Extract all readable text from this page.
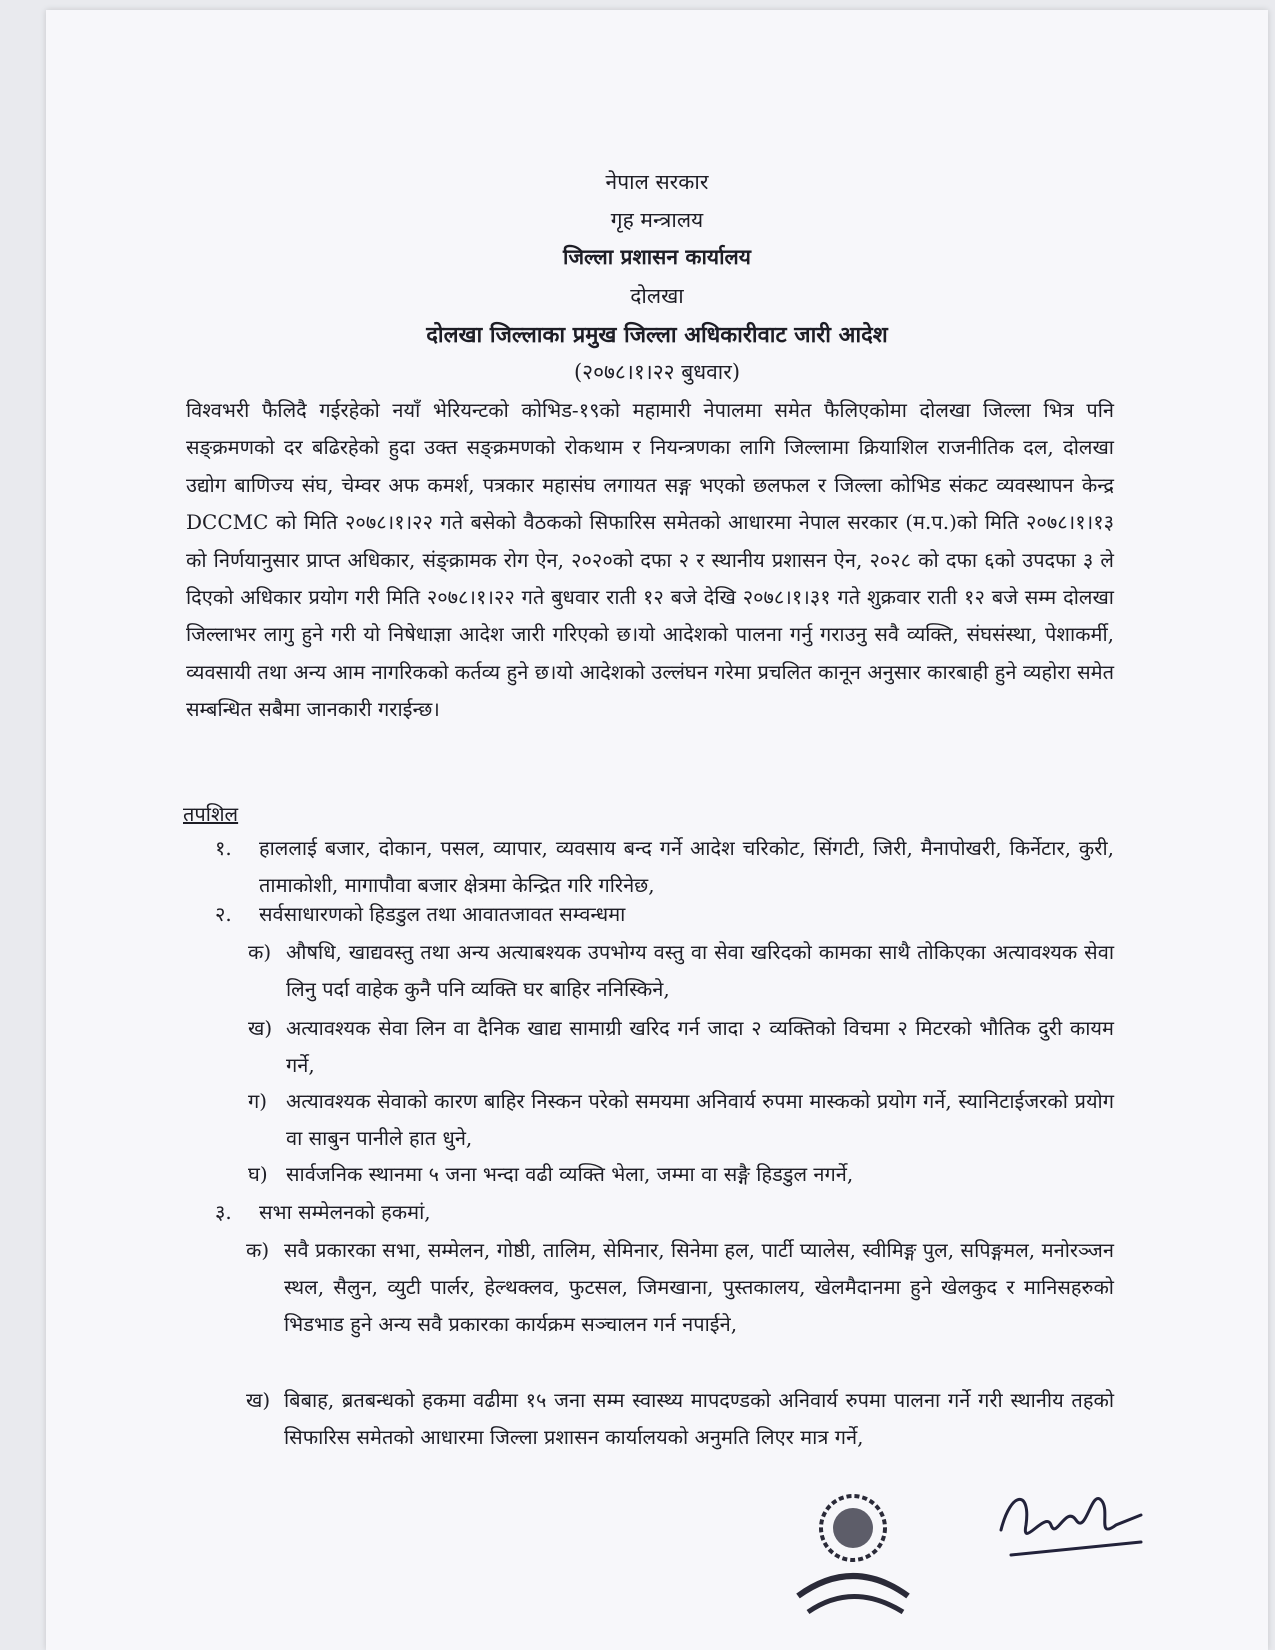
नेपाल सरकार
गृह मन्त्रालय
जिल्ला प्रशासन कार्यालय
दोलखा
दोलखा जिल्लाका प्रमुख जिल्ला अधिकारीवाट जारी आदेश
(२०७८।१।२२ बुधवार)
विश्वभरी फैलिदै गईरहेको नयाँ भेरियन्टको कोभिड-१९को महामारी नेपालमा समेत फैलिएकोमा दोलखा जिल्ला भित्र पनि सङ्क्रमणको दर बढिरहेको हुदा उक्त सङ्क्रमणको रोकथाम र नियन्त्रणका लागि जिल्लामा क्रियाशिल राजनीतिक दल, दोलखा उद्योग बाणिज्य संघ, चेम्वर अफ कमर्श, पत्रकार महासंघ लगायत सङ्ग भएको छलफल र जिल्ला कोभिड संकट व्यवस्थापन केन्द्र DCCMC को मिति २०७८।१।२२ गते बसेको वैठकको सिफारिस समेतको आधारमा नेपाल सरकार (म.प.)को मिति २०७८।१।१३ को निर्णयानुसार प्राप्त अधिकार, संङ्क्रामक रोग ऐन, २०२०को दफा २ र स्थानीय प्रशासन ऐन, २०२८ को दफा ६को उपदफा ३ ले दिएको अधिकार प्रयोग गरी मिति २०७८।१।२२ गते बुधवार राती १२ बजे देखि २०७८।१।३१ गते शुक्रवार राती १२ बजे सम्म दोलखा जिल्लाभर लागु हुने गरी यो निषेधाज्ञा आदेश जारी गरिएको छ।यो आदेशको पालना गर्नु गराउनु सवै व्यक्ति, संघसंस्था, पेशाकर्मी, व्यवसायी तथा अन्य आम नागरिकको कर्तव्य हुने छ।यो आदेशको उल्लंघन गरेमा प्रचलित कानून अनुसार कारबाही हुने व्यहोरा समेत सम्बन्धित सबैमा जानकारी गराईन्छ।
तपशिल
१. हाललाई बजार, दोकान, पसल, व्यापार, व्यवसाय बन्द गर्ने आदेश चरिकोट, सिंगटी, जिरी, मैनापोखरी, किर्नेटार, कुरी, तामाकोशी, मागापौवा बजार क्षेत्रमा केन्द्रित गरि गरिनेछ,
२. सर्वसाधारणको हिडडुल तथा आवातजावत सम्वन्धमा
क) औषधि, खाद्यवस्तु तथा अन्य अत्याबश्यक उपभोग्य वस्तु वा सेवा खरिदको कामका साथै तोकिएका अत्यावश्यक सेवा लिनु पर्दा वाहेक कुनै पनि व्यक्ति घर बाहिर ननिस्किने,
ख) अत्यावश्यक सेवा लिन वा दैनिक खाद्य सामाग्री खरिद गर्न जादा २ व्यक्तिको विचमा २ मिटरको भौतिक दुरी कायम गर्ने,
ग) अत्यावश्यक सेवाको कारण बाहिर निस्कन परेको समयमा अनिवार्य रुपमा मास्कको प्रयोग गर्ने, स्यानिटाईजरको प्रयोग वा साबुन पानीले हात धुने,
घ) सार्वजनिक स्थानमा ५ जना भन्दा वढी व्यक्ति भेला, जम्मा वा सङ्गै हिडडुल नगर्ने,
३. सभा सम्मेलनको हकमां,
क) सवै प्रकारका सभा, सम्मेलन, गोष्ठी, तालिम, सेमिनार, सिनेमा हल, पार्टी प्यालेस, स्वीमिङ्ग पुल, सपिङ्गमल, मनोरञ्जन स्थल, सैलुन, व्युटी पार्लर, हेल्थक्लव, फुटसल, जिमखाना, पुस्तकालय, खेलमैदानमा हुने खेलकुद र मानिसहरुको भिडभाड हुने अन्य सवै प्रकारका कार्यक्रम सञ्चालन गर्न नपाईने,
ख) बिबाह, ब्रतबन्धको हकमा वढीमा १५ जना सम्म स्वास्थ्य मापदण्डको अनिवार्य रुपमा पालना गर्ने गरी स्थानीय तहको सिफारिस समेतको आधारमा जिल्ला प्रशासन कार्यालयको अनुमति लिएर मात्र गर्ने,
